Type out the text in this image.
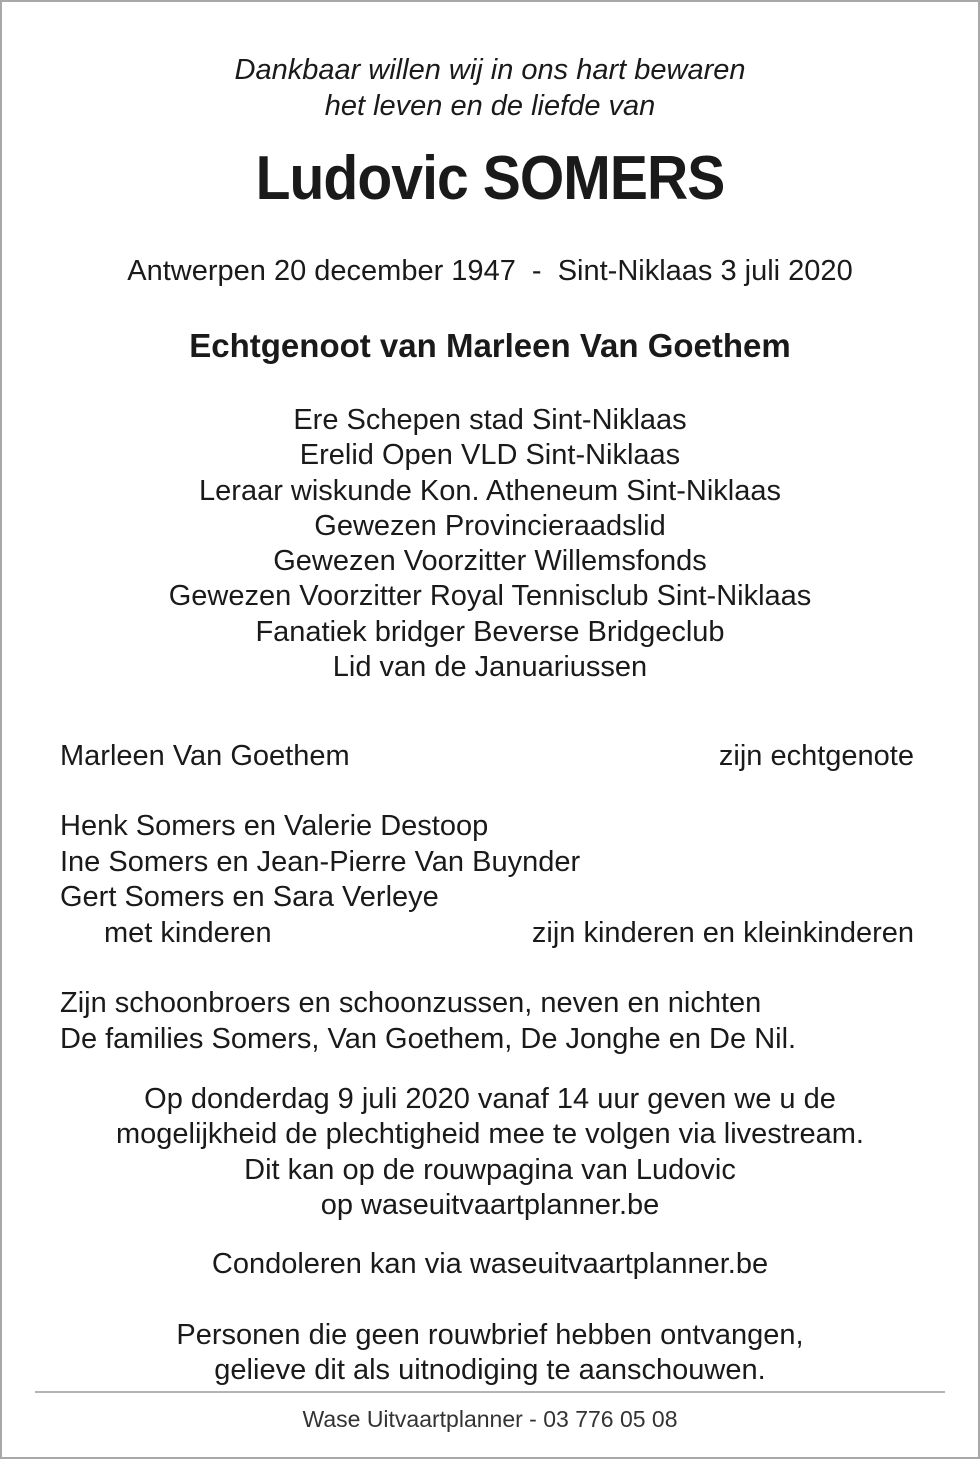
Dankbaar willen wij in ons hart bewaren
het leven en de liefde van
Ludovic SOMERS
Antwerpen 20 december 1947  -  Sint-Niklaas 3 juli 2020
Echtgenoot van Marleen Van Goethem
Ere Schepen stad Sint-Niklaas
Erelid Open VLD Sint-Niklaas
Leraar wiskunde Kon. Atheneum Sint-Niklaas
Gewezen Provincieraadslid
Gewezen Voorzitter Willemsfonds
Gewezen Voorzitter Royal Tennisclub Sint-Niklaas
Fanatiek bridger Beverse Bridgeclub
Lid van de Januariussen
Marleen Van Goethem	zijn echtgenote
Henk Somers en Valerie Destoop
Ine Somers en Jean-Pierre Van Buynder
Gert Somers en Sara Verleye
met kinderen	zijn kinderen en kleinkinderen
Zijn schoonbroers en schoonzussen, neven en nichten
De families Somers, Van Goethem, De Jonghe en De Nil.
Op donderdag 9 juli 2020 vanaf 14 uur geven we u de
mogelijkheid de plechtigheid mee te volgen via livestream.
Dit kan op de rouwpagina van Ludovic
op waseuitvaartplanner.be
Condoleren kan via waseuitvaartplanner.be
Personen die geen rouwbrief hebben ontvangen,
gelieve dit als uitnodiging te aanschouwen.
Wase Uitvaartplanner - 03 776 05 08
